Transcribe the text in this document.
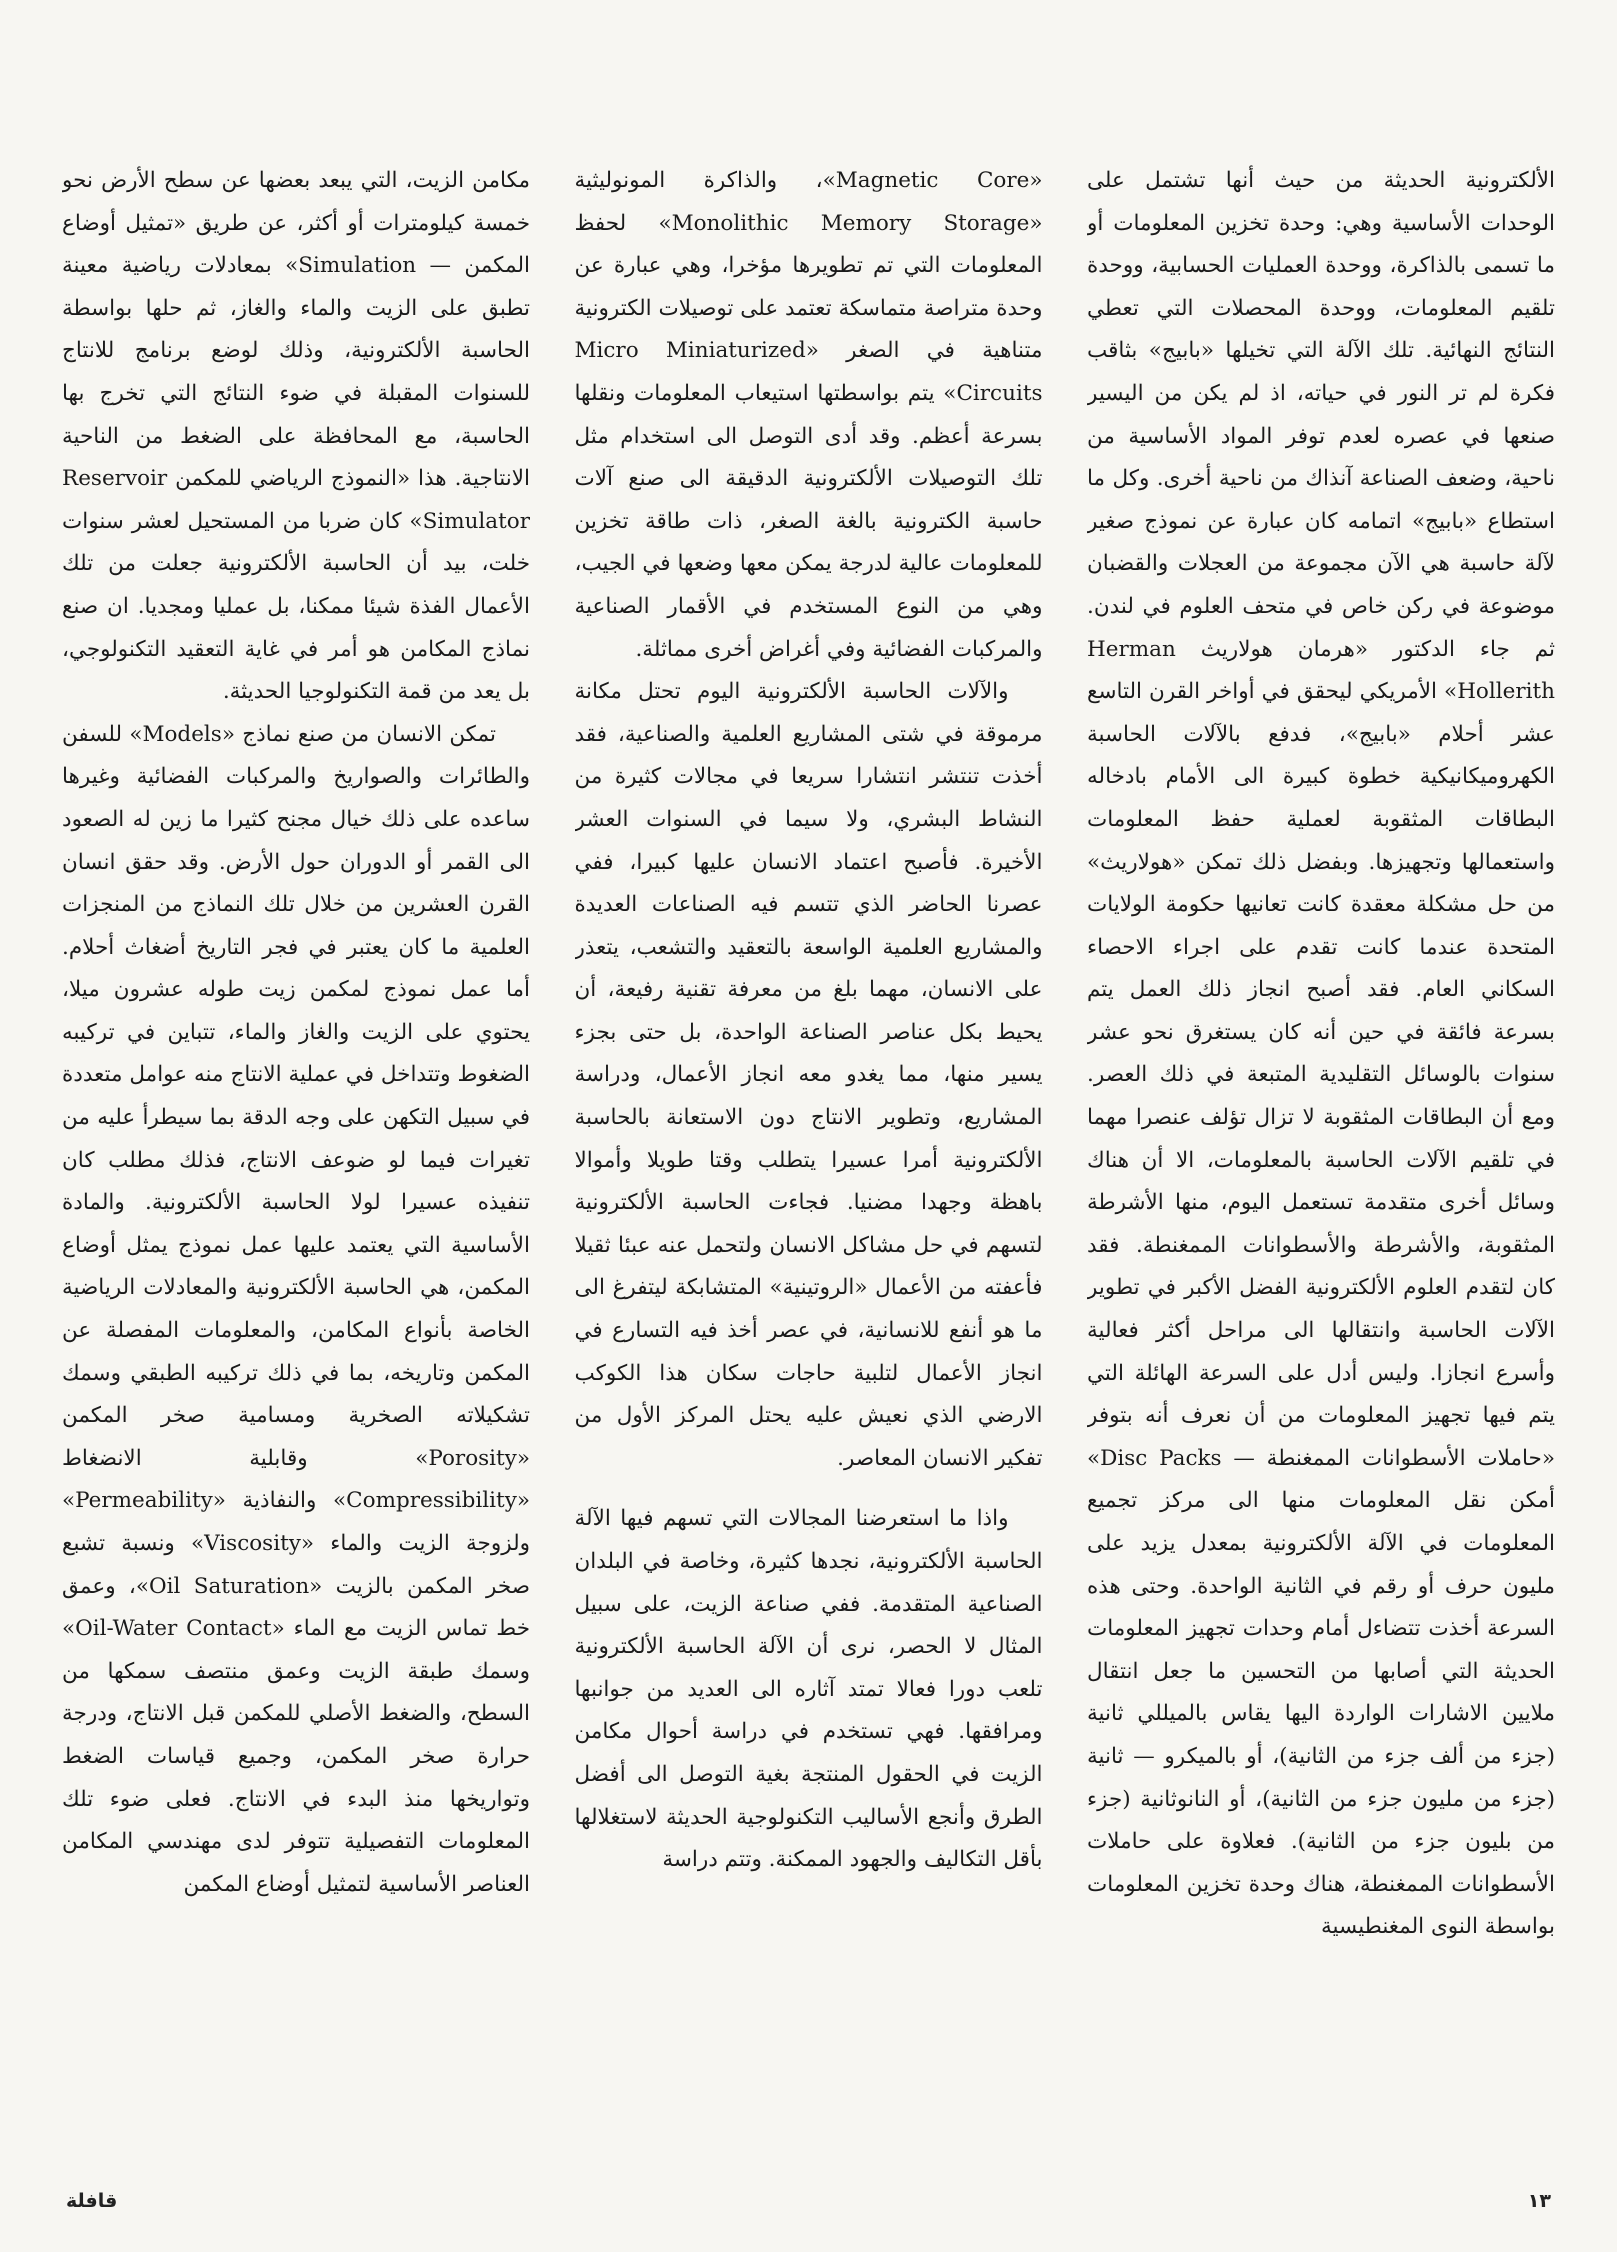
الألكترونية الحديثة من حيث أنها تشتمل على الوحدات الأساسية وهي: وحدة تخزين المعلومات أو ما تسمى بالذاكرة، ووحدة العمليات الحسابية، ووحدة تلقيم المعلومات، ووحدة المحصلات التي تعطي النتائج النهائية. تلك الآلة التي تخيلها «بابيج» بثاقب فكرة لم تر النور في حياته، اذ لم يكن من اليسير صنعها في عصره لعدم توفر المواد الأساسية من ناحية، وضعف الصناعة آنذاك من ناحية أخرى. وكل ما استطاع «بابيج» اتمامه كان عبارة عن نموذج صغير لآلة حاسبة هي الآن مجموعة من العجلات والقضبان موضوعة في ركن خاص في متحف العلوم في لندن. ثم جاء الدكتور «هرمان هولاريث Herman Hollerith» الأمريكي ليحقق في أواخر القرن التاسع عشر أحلام «بابيج»، فدفع بالآلات الحاسبة الكهروميكانيكية خطوة كبيرة الى الأمام بادخاله البطاقات المثقوبة لعملية حفظ المعلومات واستعمالها وتجهيزها. وبفضل ذلك تمكن «هولاريث» من حل مشكلة معقدة كانت تعانيها حكومة الولايات المتحدة عندما كانت تقدم على اجراء الاحصاء السكاني العام. فقد أصبح انجاز ذلك العمل يتم بسرعة فائقة في حين أنه كان يستغرق نحو عشر سنوات بالوسائل التقليدية المتبعة في ذلك العصر. ومع أن البطاقات المثقوبة لا تزال تؤلف عنصرا مهما في تلقيم الآلات الحاسبة بالمعلومات، الا أن هناك وسائل أخرى متقدمة تستعمل اليوم، منها الأشرطة المثقوبة، والأشرطة والأسطوانات الممغنطة. فقد كان لتقدم العلوم الألكترونية الفضل الأكبر في تطوير الآلات الحاسبة وانتقالها الى مراحل أكثر فعالية وأسرع انجازا. وليس أدل على السرعة الهائلة التي يتم فيها تجهيز المعلومات من أن نعرف أنه بتوفر «حاملات الأسطوانات الممغنطة — Disc Packs» أمكن نقل المعلومات منها الى مركز تجميع المعلومات في الآلة الألكترونية بمعدل يزيد على مليون حرف أو رقم في الثانية الواحدة. وحتى هذه السرعة أخذت تتضاءل أمام وحدات تجهيز المعلومات الحديثة التي أصابها من التحسين ما جعل انتقال ملايين الاشارات الواردة اليها يقاس بالميللي ثانية (جزء من ألف جزء من الثانية)، أو بالميكرو — ثانية (جزء من مليون جزء من الثانية)، أو النانوثانية (جزء من بليون جزء من الثانية). فعلاوة على حاملات الأسطوانات الممغنطة، هناك وحدة تخزين المعلومات بواسطة النوى المغنطيسية

«Magnetic Core»، والذاكرة المونوليثية «Monolithic Memory Storage» لحفظ المعلومات التي تم تطويرها مؤخرا، وهي عبارة عن وحدة متراصة متماسكة تعتمد على توصيلات الكترونية متناهية في الصغر «Micro Miniaturized Circuits» يتم بواسطتها استيعاب المعلومات ونقلها بسرعة أعظم. وقد أدى التوصل الى استخدام مثل تلك التوصيلات الألكترونية الدقيقة الى صنع آلات حاسبة الكترونية بالغة الصغر، ذات طاقة تخزين للمعلومات عالية لدرجة يمكن معها وضعها في الجيب، وهي من النوع المستخدم في الأقمار الصناعية والمركبات الفضائية وفي أغراض أخرى مماثلة.

والآلات الحاسبة الألكترونية اليوم تحتل مكانة مرموقة في شتى المشاريع العلمية والصناعية، فقد أخذت تنتشر انتشارا سريعا في مجالات كثيرة من النشاط البشري، ولا سيما في السنوات العشر الأخيرة. فأصبح اعتماد الانسان عليها كبيرا، ففي عصرنا الحاضر الذي تتسم فيه الصناعات العديدة والمشاريع العلمية الواسعة بالتعقيد والتشعب، يتعذر على الانسان، مهما بلغ من معرفة تقنية رفيعة، أن يحيط بكل عناصر الصناعة الواحدة، بل حتى بجزء يسير منها، مما يغدو معه انجاز الأعمال، ودراسة المشاريع، وتطوير الانتاج دون الاستعانة بالحاسبة الألكترونية أمرا عسيرا يتطلب وقتا طويلا وأموالا باهظة وجهدا مضنيا. فجاءت الحاسبة الألكترونية لتسهم في حل مشاكل الانسان ولتحمل عنه عبئا ثقيلا فأعفته من الأعمال «الروتينية» المتشابكة ليتفرغ الى ما هو أنفع للانسانية، في عصر أخذ فيه التسارع في انجاز الأعمال لتلبية حاجات سكان هذا الكوكب الارضي الذي نعيش عليه يحتل المركز الأول من تفكير الانسان المعاصر.

واذا ما استعرضنا المجالات التي تسهم فيها الآلة الحاسبة الألكترونية، نجدها كثيرة، وخاصة في البلدان الصناعية المتقدمة. ففي صناعة الزيت، على سبيل المثال لا الحصر، نرى أن الآلة الحاسبة الألكترونية تلعب دورا فعالا تمتد آثاره الى العديد من جوانبها ومرافقها. فهي تستخدم في دراسة أحوال مكامن الزيت في الحقول المنتجة بغية التوصل الى أفضل الطرق وأنجع الأساليب التكنولوجية الحديثة لاستغلالها بأقل التكاليف والجهود الممكنة. وتتم دراسة

مكامن الزيت، التي يبعد بعضها عن سطح الأرض نحو خمسة كيلومترات أو أكثر، عن طريق «تمثيل أوضاع المكمن — Simulation» بمعادلات رياضية معينة تطبق على الزيت والماء والغاز، ثم حلها بواسطة الحاسبة الألكترونية، وذلك لوضع برنامج للانتاج للسنوات المقبلة في ضوء النتائج التي تخرج بها الحاسبة، مع المحافظة على الضغط من الناحية الانتاجية. هذا «النموذج الرياضي للمكمن Reservoir Simulator» كان ضربا من المستحيل لعشر سنوات خلت، بيد أن الحاسبة الألكترونية جعلت من تلك الأعمال الفذة شيئا ممكنا، بل عمليا ومجديا. ان صنع نماذج المكامن هو أمر في غاية التعقيد التكنولوجي، بل يعد من قمة التكنولوجيا الحديثة.

تمكن الانسان من صنع نماذج «Models» للسفن والطائرات والصواريخ والمركبات الفضائية وغيرها ساعده على ذلك خيال مجنح كثيرا ما زين له الصعود الى القمر أو الدوران حول الأرض. وقد حقق انسان القرن العشرين من خلال تلك النماذج من المنجزات العلمية ما كان يعتبر في فجر التاريخ أضغاث أحلام. أما عمل نموذج لمكمن زيت طوله عشرون ميلا، يحتوي على الزيت والغاز والماء، تتباين في تركيبه الضغوط وتتداخل في عملية الانتاج منه عوامل متعددة في سبيل التكهن على وجه الدقة بما سيطرأ عليه من تغيرات فيما لو ضوعف الانتاج، فذلك مطلب كان تنفيذه عسيرا لولا الحاسبة الألكترونية. والمادة الأساسية التي يعتمد عليها عمل نموذج يمثل أوضاع المكمن، هي الحاسبة الألكترونية والمعادلات الرياضية الخاصة بأنواع المكامن، والمعلومات المفصلة عن المكمن وتاريخه، بما في ذلك تركيبه الطبقي وسمك تشكيلاته الصخرية ومسامية صخر المكمن «Porosity» وقابلية الانضغاط «Compressibility» والنفاذية «Permeability» ولزوجة الزيت والماء «Viscosity» ونسبة تشبع صخر المكمن بالزيت «Oil Saturation»، وعمق خط تماس الزيت مع الماء «Oil-Water Contact» وسمك طبقة الزيت وعمق منتصف سمكها من السطح، والضغط الأصلي للمكمن قبل الانتاج، ودرجة حرارة صخر المكمن، وجميع قياسات الضغط وتواريخها منذ البدء في الانتاج. فعلى ضوء تلك المعلومات التفصيلية تتوفر لدى مهندسي المكامن العناصر الأساسية لتمثيل أوضاع المكمن

١٣
قافلة
